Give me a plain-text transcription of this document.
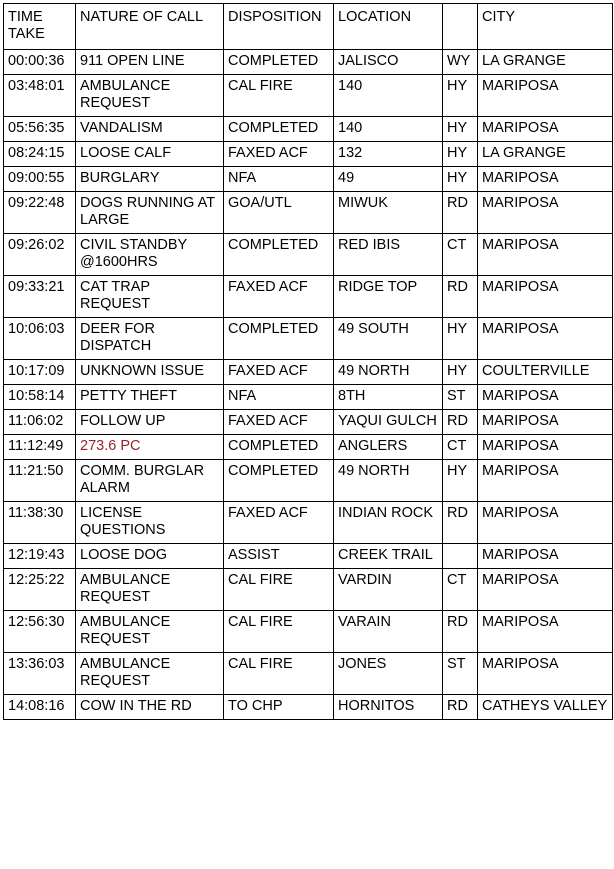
TIME TAKE	NATURE OF CALL	DISPOSITION	LOCATION		CITY
00:00:36	911 OPEN LINE	COMPLETED	JALISCO	WY	LA GRANGE
03:48:01	AMBULANCE REQUEST	CAL FIRE	140	HY	MARIPOSA
05:56:35	VANDALISM	COMPLETED	140	HY	MARIPOSA
08:24:15	LOOSE CALF	FAXED ACF	132	HY	LA GRANGE
09:00:55	BURGLARY	NFA	49	HY	MARIPOSA
09:22:48	DOGS RUNNING AT LARGE	GOA/UTL	MIWUK	RD	MARIPOSA
09:26:02	CIVIL STANDBY @1600HRS	COMPLETED	RED IBIS	CT	MARIPOSA
09:33:21	CAT TRAP REQUEST	FAXED ACF	RIDGE TOP	RD	MARIPOSA
10:06:03	DEER FOR DISPATCH	COMPLETED	49 SOUTH	HY	MARIPOSA
10:17:09	UNKNOWN ISSUE	FAXED ACF	49 NORTH	HY	COULTERVILLE
10:58:14	PETTY THEFT	NFA	8TH	ST	MARIPOSA
11:06:02	FOLLOW UP	FAXED ACF	YAQUI GULCH	RD	MARIPOSA
11:12:49	273.6 PC	COMPLETED	ANGLERS	CT	MARIPOSA
11:21:50	COMM. BURGLAR ALARM	COMPLETED	49 NORTH	HY	MARIPOSA
11:38:30	LICENSE QUESTIONS	FAXED ACF	INDIAN ROCK	RD	MARIPOSA
12:19:43	LOOSE DOG	ASSIST	CREEK TRAIL		MARIPOSA
12:25:22	AMBULANCE REQUEST	CAL FIRE	VARDIN	CT	MARIPOSA
12:56:30	AMBULANCE REQUEST	CAL FIRE	VARAIN	RD	MARIPOSA
13:36:03	AMBULANCE REQUEST	CAL FIRE	JONES	ST	MARIPOSA
14:08:16	COW IN THE RD	TO CHP	HORNITOS	RD	CATHEYS VALLEY
